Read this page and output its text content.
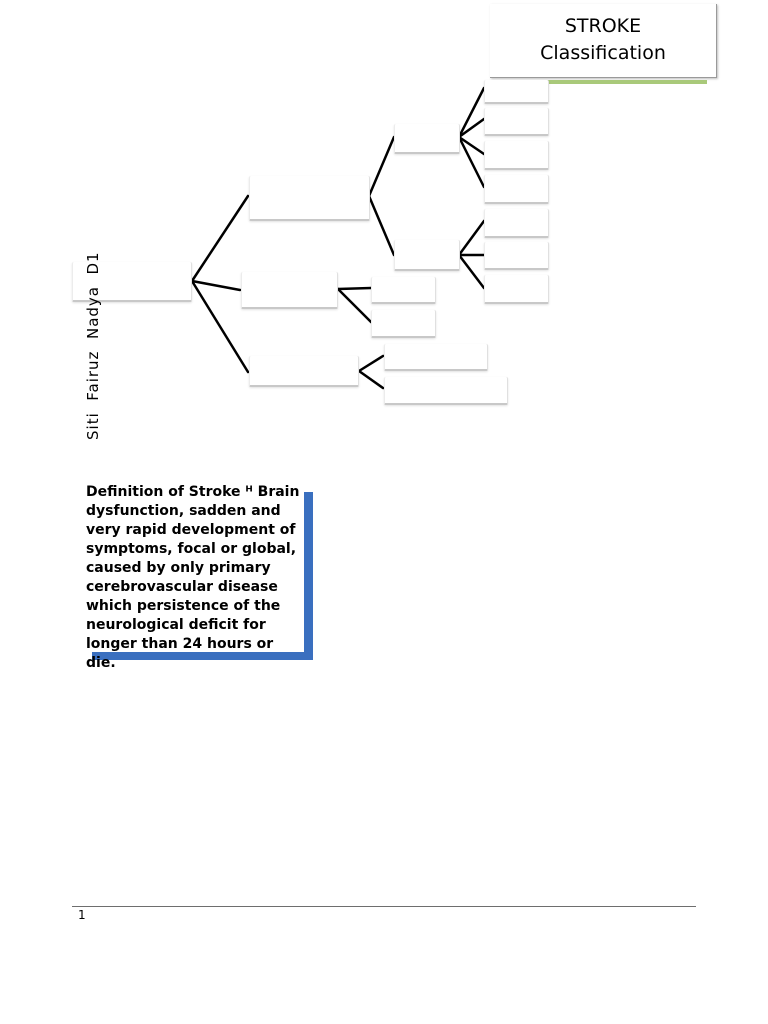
STROKE
Classification
Siti  Fairuz  Nadya  D1
Definition of Stroke ᴴ Brain dysfunction, sadden and very rapid development of symptoms, focal or global, caused by only primary cerebrovascular disease which persistence of the neurological deficit for longer than 24 hours or die.
1
